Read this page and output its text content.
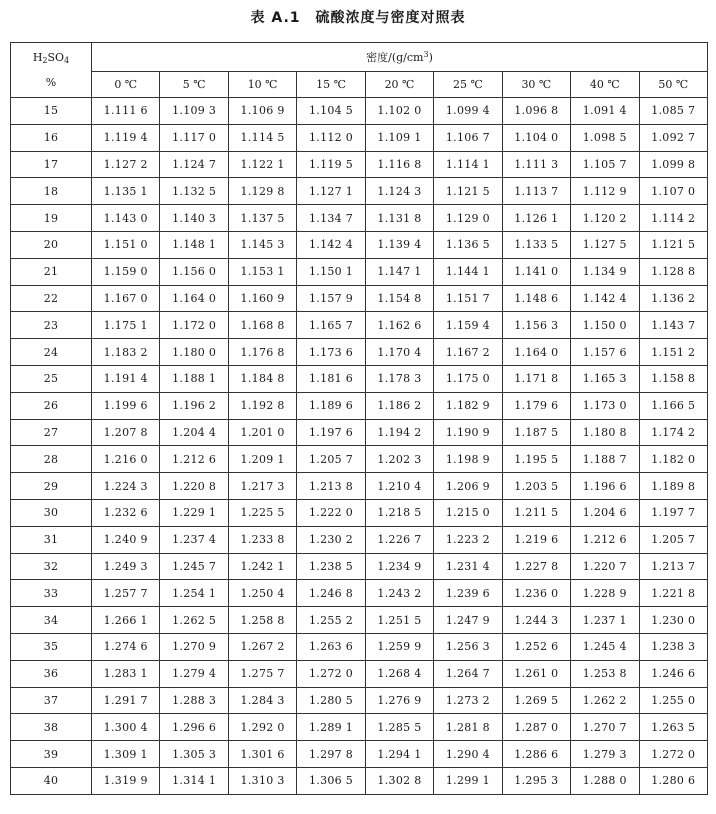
表 A.1　硫酸浓度与密度对照表
$H_2SO_4$
%	密度$/(g/cm^3)$								
	0 ℃	5 ℃	10 ℃	15 ℃	20 ℃	25 ℃	30 ℃	40 ℃	50 ℃
15	1.111 6	1.109 3	1.106 9	1.104 5	1.102 0	1.099 4	1.096 8	1.091 4	1.085 7
16	1.119 4	1.117 0	1.114 5	1.112 0	1.109 1	1.106 7	1.104 0	1.098 5	1.092 7
17	1.127 2	1.124 7	1.122 1	1.119 5	1.116 8	1.114 1	1.111 3	1.105 7	1.099 8
18	1.135 1	1.132 5	1.129 8	1.127 1	1.124 3	1.121 5	1.113 7	1.112 9	1.107 0
19	1.143 0	1.140 3	1.137 5	1.134 7	1.131 8	1.129 0	1.126 1	1.120 2	1.114 2
20	1.151 0	1.148 1	1.145 3	1.142 4	1.139 4	1.136 5	1.133 5	1.127 5	1.121 5
21	1.159 0	1.156 0	1.153 1	1.150 1	1.147 1	1.144 1	1.141 0	1.134 9	1.128 8
22	1.167 0	1.164 0	1.160 9	1.157 9	1.154 8	1.151 7	1.148 6	1.142 4	1.136 2
23	1.175 1	1.172 0	1.168 8	1.165 7	1.162 6	1.159 4	1.156 3	1.150 0	1.143 7
24	1.183 2	1.180 0	1.176 8	1.173 6	1.170 4	1.167 2	1.164 0	1.157 6	1.151 2
25	1.191 4	1.188 1	1.184 8	1.181 6	1.178 3	1.175 0	1.171 8	1.165 3	1.158 8
26	1.199 6	1.196 2	1.192 8	1.189 6	1.186 2	1.182 9	1.179 6	1.173 0	1.166 5
27	1.207 8	1.204 4	1.201 0	1.197 6	1.194 2	1.190 9	1.187 5	1.180 8	1.174 2
28	1.216 0	1.212 6	1.209 1	1.205 7	1.202 3	1.198 9	1.195 5	1.188 7	1.182 0
29	1.224 3	1.220 8	1.217 3	1.213 8	1.210 4	1.206 9	1.203 5	1.196 6	1.189 8
30	1.232 6	1.229 1	1.225 5	1.222 0	1.218 5	1.215 0	1.211 5	1.204 6	1.197 7
31	1.240 9	1.237 4	1.233 8	1.230 2	1.226 7	1.223 2	1.219 6	1.212 6	1.205 7
32	1.249 3	1.245 7	1.242 1	1.238 5	1.234 9	1.231 4	1.227 8	1.220 7	1.213 7
33	1.257 7	1.254 1	1.250 4	1.246 8	1.243 2	1.239 6	1.236 0	1.228 9	1.221 8
34	1.266 1	1.262 5	1.258 8	1.255 2	1.251 5	1.247 9	1.244 3	1.237 1	1.230 0
35	1.274 6	1.270 9	1.267 2	1.263 6	1.259 9	1.256 3	1.252 6	1.245 4	1.238 3
36	1.283 1	1.279 4	1.275 7	1.272 0	1.268 4	1.264 7	1.261 0	1.253 8	1.246 6
37	1.291 7	1.288 3	1.284 3	1.280 5	1.276 9	1.273 2	1.269 5	1.262 2	1.255 0
38	1.300 4	1.296 6	1.292 0	1.289 1	1.285 5	1.281 8	1.287 0	1.270 7	1.263 5
39	1.309 1	1.305 3	1.301 6	1.297 8	1.294 1	1.290 4	1.286 6	1.279 3	1.272 0
40	1.319 9	1.314 1	1.310 3	1.306 5	1.302 8	1.299 1	1.295 3	1.288 0	1.280 6
